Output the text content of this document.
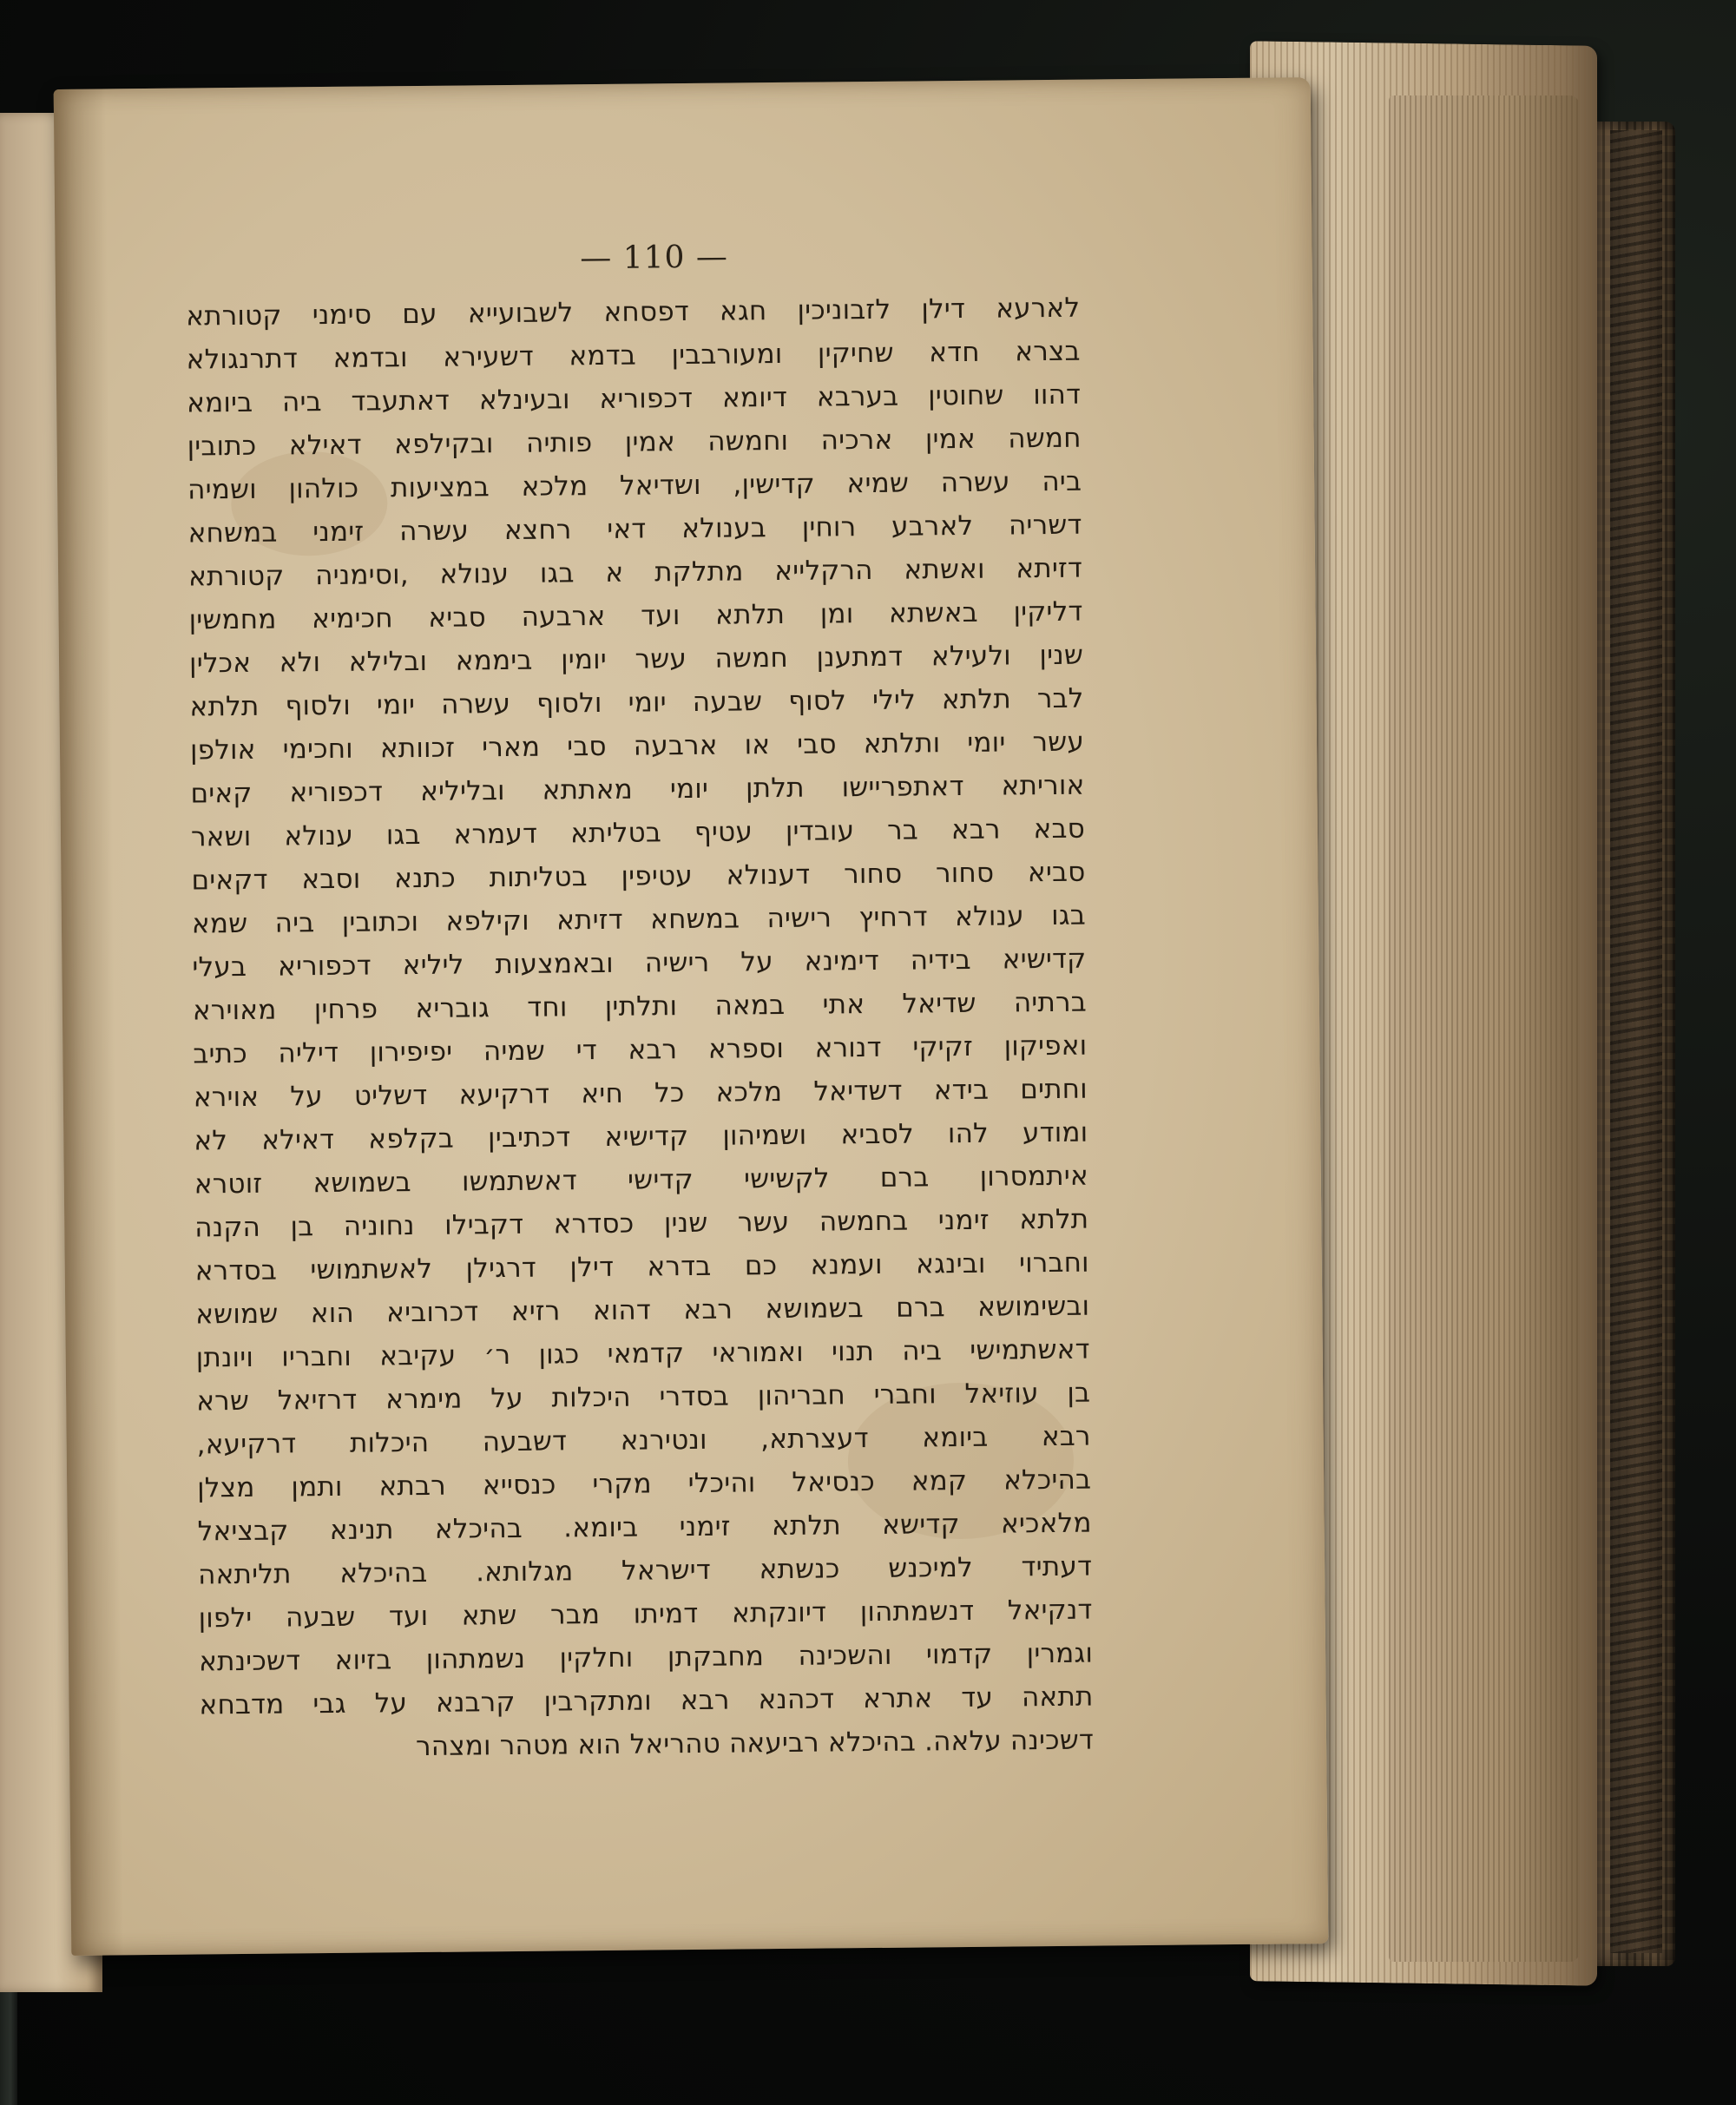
— 110 —
לארעא דילן לזבוניכין חגא דפסחא לשבועייא עם סימני קטורתא
בצרא חדא שחיקין ומעורבבין בדמא דשעירא ובדמא דתרנגולא
דהוו שחוטין בערבא דיומא דכפוריא ובעינלא דאתעבד ביה ביומא
חמשה אמין ארכיה וחמשה אמין פותיה ובקילפא דאילא כתובין
ביה עשרה שמיא קדישין, ושדיאל מלכא במציעות כולהון ושמיה
דשריה לארבע רוחין בענולא דאי רחצא עשרה זימני במשחא
דזיתא ואשתא הרקלייא מתלקת א בגו ענולא ,וסימניה קטורתא
דליקין באשתא ומן תלתא ועד ארבעה סביא חכימיא מחמשין
שנין ולעילא דמתענן חמשה עשר יומין ביממא ובלילא ולא אכלין
לבר תלתא לילי לסוף שבעה יומי ולסוף עשרה יומי ולסוף תלתא
עשר יומי ותלתא סבי או ארבעה סבי מארי זכוותא וחכימי אולפן
אוריתא דאתפריישו תלתן יומי מאתתא ובליליא דכפוריא קאים
סבא רבא בר עובדין עטיף בטליתא דעמרא בגו ענולא ושאר
סביא סחור סחור דענולא עטיפין בטליתות כתנא וסבא דקאים
בגו ענולא דרחיץ רישיה במשחא דזיתא וקילפא וכתובין ביה שמא
קדישיא בידיה דימינא על רישיה ובאמצעות ליליא דכפוריא בעלי
ברתיה שדיאל אתי במאה ותלתין וחד גובריא פרחין מאוירא
ואפיקון זקיקי דנורא וספרא רבא די שמיה יפיפירון דיליה כתיב
וחתים בידא דשדיאל מלכא כל חיא דרקיעא דשליט על אוירא
ומודע להו לסביא ושמיהון קדישיא דכתיבין בקלפא דאילא לא
איתמסרון ברם לקשישי קדישי דאשתמשו בשמושא זוטרא
תלתא זימני בחמשה עשר שנין כסדרא דקבילו נחוניה בן הקנה
וחברוי ובינגא ועמנא כם בדרא דילן דרגילן לאשתמושי בסדרא
ובשימושא ברם בשמושא רבא דהוא רזיא דכרוביא הוא שמושא
דאשתמישי ביה תנוי ואמוראי קדמאי כגון ר׳ עקיבא וחבריו ויונתן
בן עוזיאל וחברי חבריהון בסדרי היכלות על מימרא דרזיאל שרא
רבא ביומא דעצרתא, ונטירנא דשבעה היכלות דרקיעא,
בהיכלא קמא כנסיאל והיכלי מקרי כנסייא רבתא ותמן מצלן
מלאכיא קדישא תלתא זימני ביומא. בהיכלא תנינא קבציאל
דעתיד למיכנש כנשתא דישראל מגלותא. בהיכלא תליתאה
דנקיאל דנשמתהון דיונקתא דמיתו מבר שתא ועד שבעה ילפון
וגמרין קדמוי והשכינה מחבקתן וחלקין נשמתהון בזיוא דשכינתא
תתאה עד אתרא דכהנא רבא ומתקרבין קרבנא על גבי מדבחא
דשכינה עלאה. בהיכלא רביעאה טהריאל הוא מטהר ומצהר
